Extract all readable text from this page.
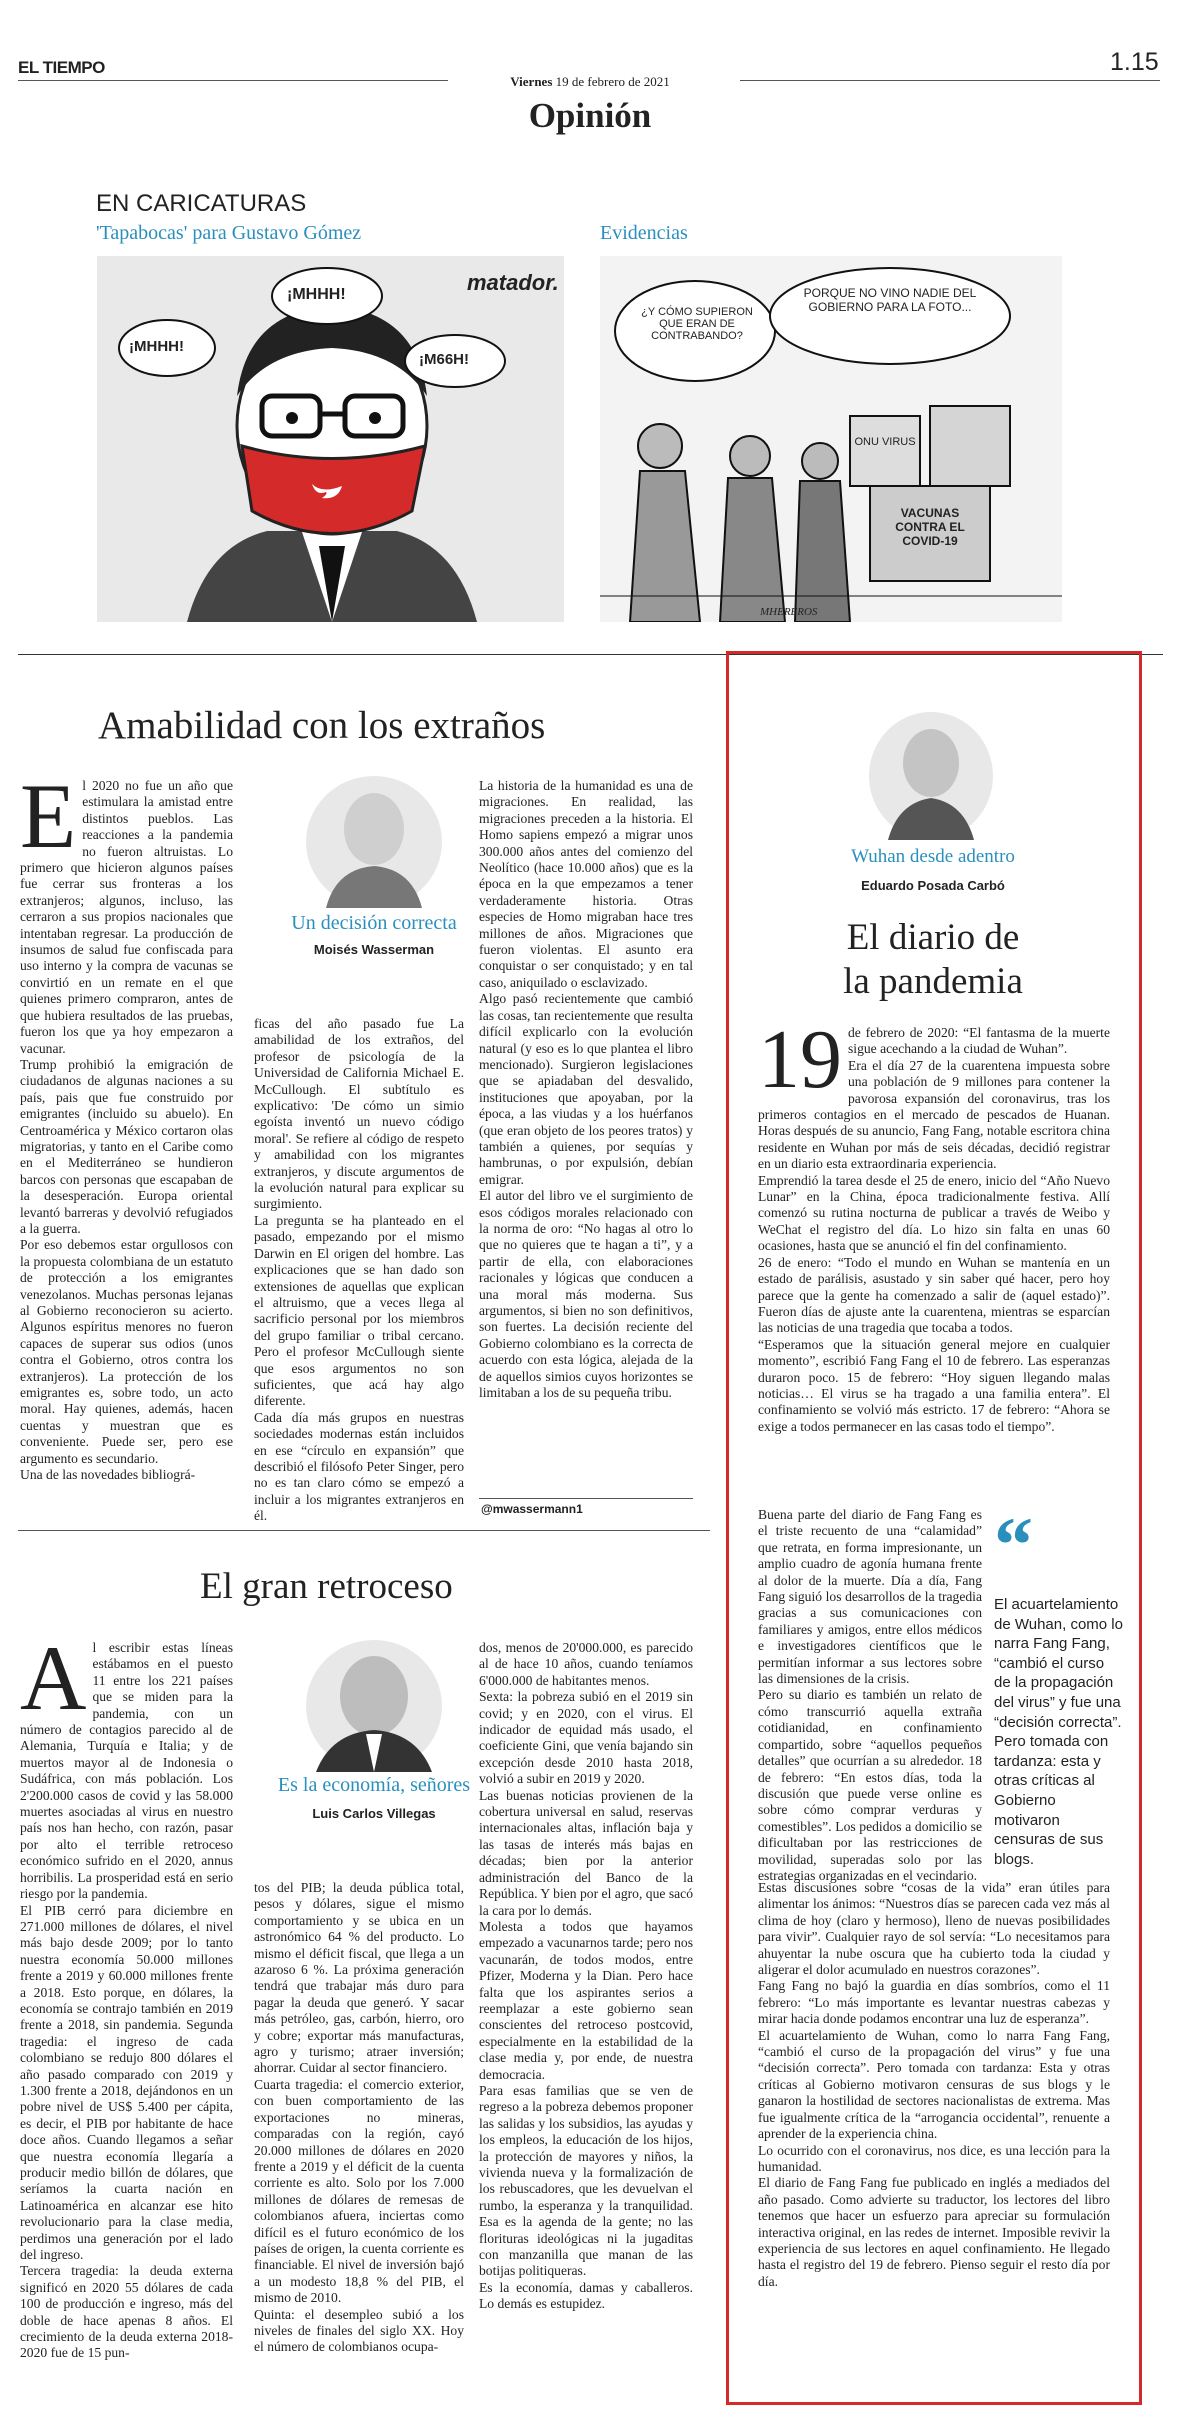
EL TIEMPO
Viernes 19 de febrero de 2021
1.15
Opinión
EN CARICATURAS
'Tapabocas' para Gustavo Gómez	Evidencias
¡MHHH!
¡MHHH!
¡M66H!
matador.
¿Y CÓMO SUPIERON QUE ERAN DE CONTRABANDO?
PORQUE NO VINO NADIE DEL GOBIERNO PARA LA FOTO...
ONU VIRUS
VACUNAS CONTRA EL COVID-19
MHEREROS
Amabilidad con los extraños
E l 2020 no fue un año que estimulara la amistad entre distintos pueblos. Las reacciones a la pandemia no fueron altruistas. Lo primero que hicieron algunos países fue cerrar sus fronteras a los extranjeros; algunos, incluso, las cerraron a sus propios nacionales que intentaban regresar. La producción de insumos de salud fue confiscada para uso interno y la compra de vacunas se convirtió en un remate en el que quienes primero compraron, antes de que hubiera resultados de las pruebas, fueron los que ya hoy empezaron a vacunar.
Trump prohibió la emigración de ciudadanos de algunas naciones a su país, pais que fue construido por emigrantes (incluido su abuelo). En Centroamérica y México cortaron olas migratorias, y tanto en el Caribe como en el Mediterráneo se hundieron barcos con personas que escapaban de la desesperación. Europa oriental levantó barreras y devolvió refugiados a la guerra.
Por eso debemos estar orgullosos con la propuesta colombiana de un estatuto de protección a los emigrantes venezolanos. Muchas personas lejanas al Gobierno reconocieron su acierto. Algunos espíritus menores no fueron capaces de superar sus odios (unos contra el Gobierno, otros contra los extranjeros). La protección de los emigrantes es, sobre todo, un acto moral. Hay quienes, además, hacen cuentas y muestran que es conveniente. Puede ser, pero ese argumento es secundario.
Una de las novedades bibliográ-
Un decisión correcta
Moisés Wasserman
ficas del año pasado fue La amabilidad de los extraños, del profesor de psicología de la Universidad de California Michael E. McCullough. El subtítulo es explicativo: 'De cómo un simio egoísta inventó un nuevo código moral'. Se refiere al código de respeto y amabilidad con los migrantes extranjeros, y discute argumentos de la evolución natural para explicar su surgimiento.
La pregunta se ha planteado en el pasado, empezando por el mismo Darwin en El origen del hombre. Las explicaciones que se han dado son extensiones de aquellas que explican el altruismo, que a veces llega al sacrificio personal por los miembros del grupo familiar o tribal cercano. Pero el profesor McCullough siente que esos argumentos no son suficientes, que acá hay algo diferente.
Cada día más grupos en nuestras sociedades modernas están incluidos en ese “círculo en expansión” que describió el filósofo Peter Singer, pero no es tan claro cómo se empezó a incluir a los migrantes extranjeros en él.
La historia de la humanidad es una de migraciones. En realidad, las migraciones preceden a la historia. El Homo sapiens empezó a migrar unos 300.000 años antes del comienzo del Neolítico (hace 10.000 años) que es la época en la que empezamos a tener verdaderamente historia. Otras especies de Homo migraban hace tres millones de años. Migraciones que fueron violentas. El asunto era conquistar o ser conquistado; y en tal caso, aniquilado o esclavizado.
Algo pasó recientemente que cambió las cosas, tan recientemente que resulta difícil explicarlo con la evolución natural (y eso es lo que plantea el libro mencionado). Surgieron legislaciones que se apiadaban del desvalido, instituciones que apoyaban, por la época, a las viudas y a los huérfanos (que eran objeto de los peores tratos) y también a quienes, por sequías y hambrunas, o por expulsión, debían emigrar.
El autor del libro ve el surgimiento de esos códigos morales relacionado con la norma de oro: “No hagas al otro lo que no quieres que te hagan a ti”, y a partir de ella, con elaboraciones racionales y lógicas que conducen a una moral más moderna. Sus argumentos, si bien no son definitivos, son fuertes. La decisión reciente del Gobierno colombiano es la correcta de acuerdo con esta lógica, alejada de la de aquellos simios cuyos horizontes se limitaban a los de su pequeña tribu.
@mwassermann1
El gran retroceso
A l escribir estas líneas estábamos en el puesto 11 entre los 221 países que se miden para la pandemia, con un número de contagios parecido al de Alemania, Turquía e Italia; y de muertos mayor al de Indonesia o Sudáfrica, con más población. Los 2'200.000 casos de covid y las 58.000 muertes asociadas al virus en nuestro país nos han hecho, con razón, pasar por alto el terrible retroceso económico sufrido en el 2020, annus horribilis. La prosperidad está en serio riesgo por la pandemia.
El PIB cerró para diciembre en 271.000 millones de dólares, el nivel más bajo desde 2009; por lo tanto nuestra economía 50.000 millones frente a 2019 y 60.000 millones frente a 2018. Esto porque, en dólares, la economía se contrajo también en 2019 frente a 2018, sin pandemia. Segunda tragedia: el ingreso de cada colombiano se redujo 800 dólares el año pasado comparado con 2019 y 1.300 frente a 2018, dejándonos en un pobre nivel de US$ 5.400 per cápita, es decir, el PIB por habitante de hace doce años. Cuando llegamos a señar que nuestra economía llegaría a producir medio billón de dólares, que seríamos la cuarta nación en Latinoamérica en alcanzar ese hito revolucionario para la clase media, perdimos una generación por el lado del ingreso.
Tercera tragedia: la deuda externa significó en 2020 55 dólares de cada 100 de producción e ingreso, más del doble de hace apenas 8 años. El crecimiento de la deuda externa 2018-2020 fue de 15 pun-
Es la economía, señores
Luis Carlos Villegas
tos del PIB; la deuda pública total, pesos y dólares, sigue el mismo comportamiento y se ubica en un astronómico 64 % del producto. Lo mismo el déficit fiscal, que llega a un azaroso 6 %. La próxima generación tendrá que trabajar más duro para pagar la deuda que generó. Y sacar más petróleo, gas, carbón, hierro, oro y cobre; exportar más manufacturas, agro y turismo; atraer inversión; ahorrar. Cuidar al sector financiero.
Cuarta tragedia: el comercio exterior, con buen comportamiento de las exportaciones no mineras, comparadas con la región, cayó 20.000 millones de dólares en 2020 frente a 2019 y el déficit de la cuenta corriente es alto. Solo por los 7.000 millones de dólares de remesas de colombianos afuera, inciertas como difícil es el futuro económico de los países de origen, la cuenta corriente es financiable. El nivel de inversión bajó a un modesto 18,8 % del PIB, el mismo de 2010.
Quinta: el desempleo subió a los niveles de finales del siglo XX. Hoy el número de colombianos ocupa-
dos, menos de 20'000.000, es parecido al de hace 10 años, cuando teníamos 6'000.000 de habitantes menos.
Sexta: la pobreza subió en el 2019 sin covid; y en 2020, con el virus. El indicador de equidad más usado, el coeficiente Gini, que venía bajando sin excepción desde 2010 hasta 2018, volvió a subir en 2019 y 2020.
Las buenas noticias provienen de la cobertura universal en salud, reservas internacionales altas, inflación baja y las tasas de interés más bajas en décadas; bien por la anterior administración del Banco de la República. Y bien por el agro, que sacó la cara por lo demás.
Molesta a todos que hayamos empezado a vacunarnos tarde; pero nos vacunarán, de todos modos, entre Pfizer, Moderna y la Dian. Pero hace falta que los aspirantes serios a reemplazar a este gobierno sean conscientes del retroceso postcovid, especialmente en la estabilidad de la clase media y, por ende, de nuestra democracia.
Para esas familias que se ven de regreso a la pobreza debemos proponer las salidas y los subsidios, las ayudas y los empleos, la educación de los hijos, la protección de mayores y niños, la vivienda nueva y la formalización de los rebuscadores, que les devuelvan el rumbo, la esperanza y la tranquilidad. Esa es la agenda de la gente; no las florituras ideológicas ni la jugaditas con manzanilla que manan de las botijas politiqueras.
Es la economía, damas y caballeros. Lo demás es estupidez.
Wuhan desde adentro
Eduardo Posada Carbó
El diario de
la pandemia
19 de febrero de 2020: “El fantasma de la muerte sigue acechando a la ciudad de Wuhan”.
Era el día 27 de la cuarentena impuesta sobre una población de 9 millones para contener la pavorosa expansión del coronavirus, tras los primeros contagios en el mercado de pescados de Huanan. Horas después de su anuncio, Fang Fang, notable escritora china residente en Wuhan por más de seis décadas, decidió registrar en un diario esta extraordinaria experiencia.
Emprendió la tarea desde el 25 de enero, inicio del “Año Nuevo Lunar” en la China, época tradicionalmente festiva. Allí comenzó su rutina nocturna de publicar a través de Weibo y WeChat el registro del día. Lo hizo sin falta en unas 60 ocasiones, hasta que se anunció el fin del confinamiento.
26 de enero: “Todo el mundo en Wuhan se mantenía en un estado de parálisis, asustado y sin saber qué hacer, pero hoy parece que la gente ha comenzado a salir de (aquel estado)”. Fueron días de ajuste ante la cuarentena, mientras se esparcían las noticias de una tragedia que tocaba a todos.
“Esperamos que la situación general mejore en cualquier momento”, escribió Fang Fang el 10 de febrero. Las esperanzas duraron poco. 15 de febrero: “Hoy siguen llegando malas noticias… El virus se ha tragado a una familia entera”. El confinamiento se volvió más estricto. 17 de febrero: “Ahora se exige a todos permanecer en las casas todo el tiempo”.
Buena parte del diario de Fang Fang es el triste recuento de una “calamidad” que retrata, en forma impresionante, un amplio cuadro de agonía humana frente al dolor de la muerte. Día a día, Fang Fang siguió los desarrollos de la tragedia gracias a sus comunicaciones con familiares y amigos, entre ellos médicos e investigadores científicos que le permitían informar a sus lectores sobre las dimensiones de la crisis.
Pero su diario es también un relato de cómo transcurrió aquella extraña cotidianidad, en confinamiento compartido, sobre “aquellos pequeños detalles” que ocurrían a su alrededor. 18 de febrero: “En estos días, toda la discusión que puede verse online es sobre cómo comprar verduras y comestibles”. Los pedidos a domicilio se dificultaban por las restricciones de movilidad, superadas solo por las estrategias organizadas en el vecindario.
“
El acuartelamiento de Wuhan, como lo narra Fang Fang, “cambió el curso de la propagación del virus” y fue una “decisión correcta”. Pero tomada con tardanza: esta y otras críticas al Gobierno motivaron censuras de sus blogs.
Estas discusiones sobre “cosas de la vida” eran útiles para alimentar los ánimos: “Nuestros días se parecen cada vez más al clima de hoy (claro y hermoso), lleno de nuevas posibilidades para vivir”. Cualquier rayo de sol servía: “Lo necesitamos para ahuyentar la nube oscura que ha cubierto toda la ciudad y aligerar el dolor acumulado en nuestros corazones”.
Fang Fang no bajó la guardia en días sombríos, como el 11 febrero: “Lo más importante es levantar nuestras cabezas y mirar hacia donde podamos encontrar una luz de esperanza”.
El acuartelamiento de Wuhan, como lo narra Fang Fang, “cambió el curso de la propagación del virus” y fue una “decisión correcta”. Pero tomada con tardanza: Esta y otras críticas al Gobierno motivaron censuras de sus blogs y le ganaron la hostilidad de sectores nacionalistas de extrema. Mas fue igualmente crítica de la “arrogancia occidental”, renuente a aprender de la experiencia china.
Lo ocurrido con el coronavirus, nos dice, es una lección para la humanidad.
El diario de Fang Fang fue publicado en inglés a mediados del año pasado. Como advierte su traductor, los lectores del libro tenemos que hacer un esfuerzo para apreciar su formulación interactiva original, en las redes de internet. Imposible revivir la experiencia de sus lectores en aquel confinamiento. He llegado hasta el registro del 19 de febrero. Pienso seguir el resto día por día.
